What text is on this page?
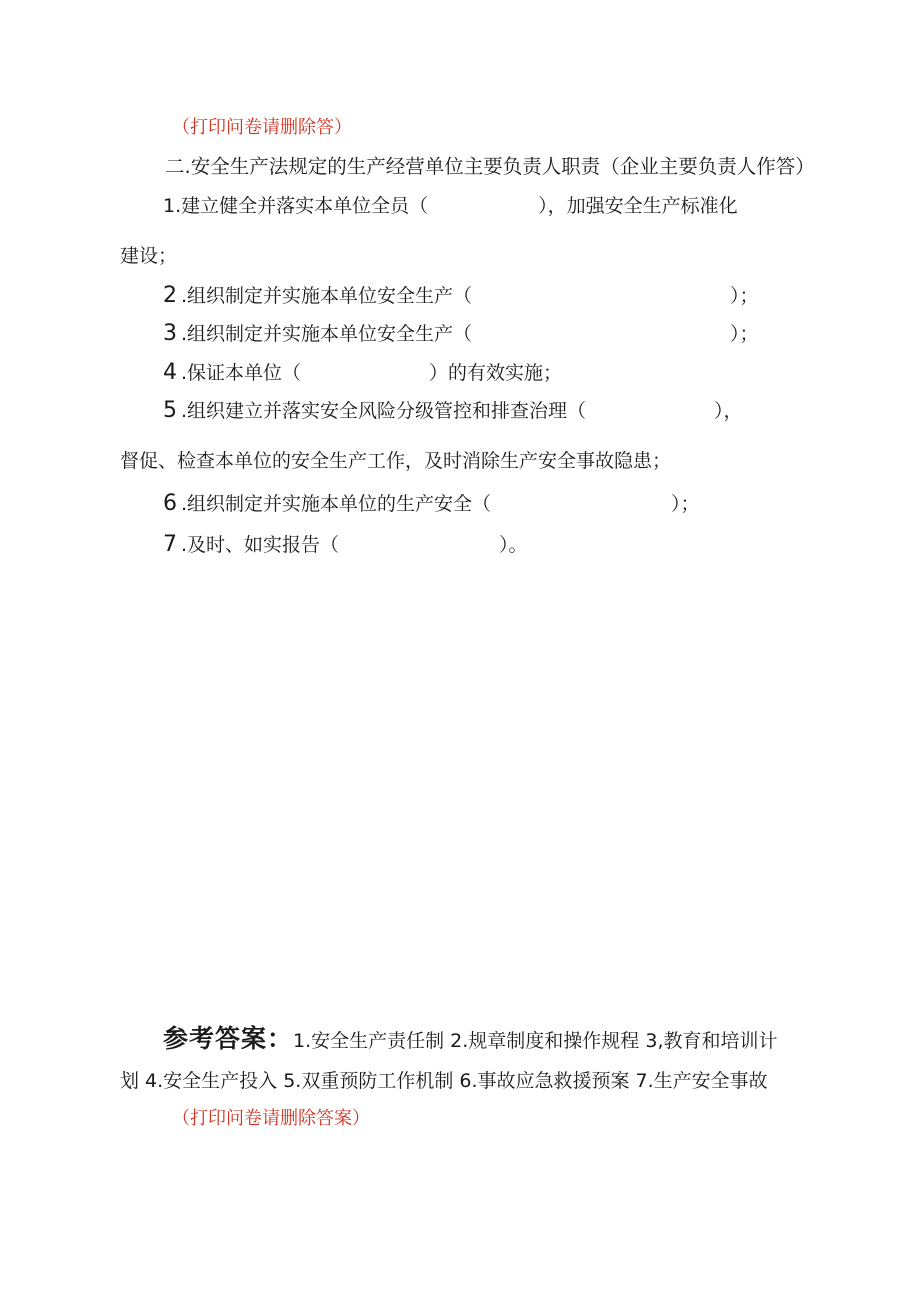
（打印问卷请删除答）
二.安全生产法规定的生产经营单位主要负责人职责（企业主要负责人作答）
1.建立健全并落实本单位全员（	），加强安全生产标准化
建设；
2 .组织制定并实施本单位安全生产（	）；
3 .组织制定并实施本单位安全生产（	）；
4 .保证本单位（	）的有效实施；
5 .组织建立并落实安全风险分级管控和排查治理（	），
督促、检查本单位的安全生产工作，及时消除生产安全事故隐患；
6 .组织制定并实施本单位的生产安全（	）；
7 .及时、如实报告（	）。
参考答案：1.安全生产责任制 2.规章制度和操作规程 3,教育和培训计
划 4.安全生产投入 5.双重预防工作机制 6.事故应急救援预案 7.生产安全事故
（打印问卷请删除答案）
